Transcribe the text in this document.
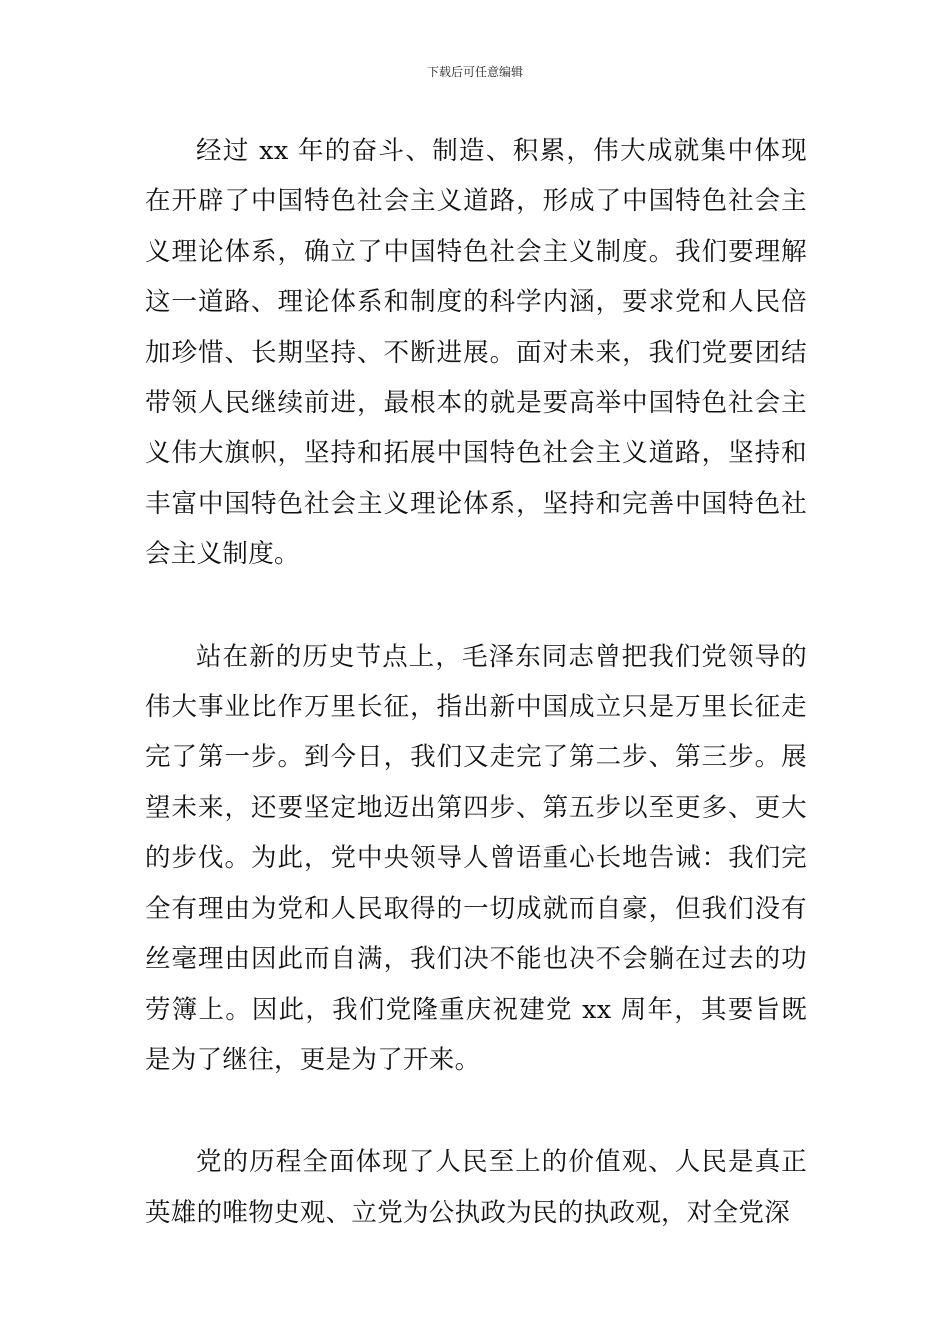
下载后可任意编辑

经过 xx 年的奋斗、制造、积累，伟大成就集中体现在开辟了中国特色社会主义道路，形成了中国特色社会主义理论体系，确立了中国特色社会主义制度。我们要理解这一道路、理论体系和制度的科学内涵，要求党和人民倍加珍惜、长期坚持、不断进展。面对未来，我们党要团结带领人民继续前进，最根本的就是要高举中国特色社会主义伟大旗帜，坚持和拓展中国特色社会主义道路，坚持和丰富中国特色社会主义理论体系，坚持和完善中国特色社会主义制度。

站在新的历史节点上，毛泽东同志曾把我们党领导的伟大事业比作万里长征，指出新中国成立只是万里长征走完了第一步。到今日，我们又走完了第二步、第三步。展望未来，还要坚定地迈出第四步、第五步以至更多、更大的步伐。为此，党中央领导人曾语重心长地告诫：我们完全有理由为党和人民取得的一切成就而自豪，但我们没有丝毫理由因此而自满，我们决不能也决不会躺在过去的功劳簿上。因此，我们党隆重庆祝建党 xx 周年，其要旨既是为了继往，更是为了开来。

党的历程全面体现了人民至上的价值观、人民是真正英雄的唯物史观、立党为公执政为民的执政观，对全党深
